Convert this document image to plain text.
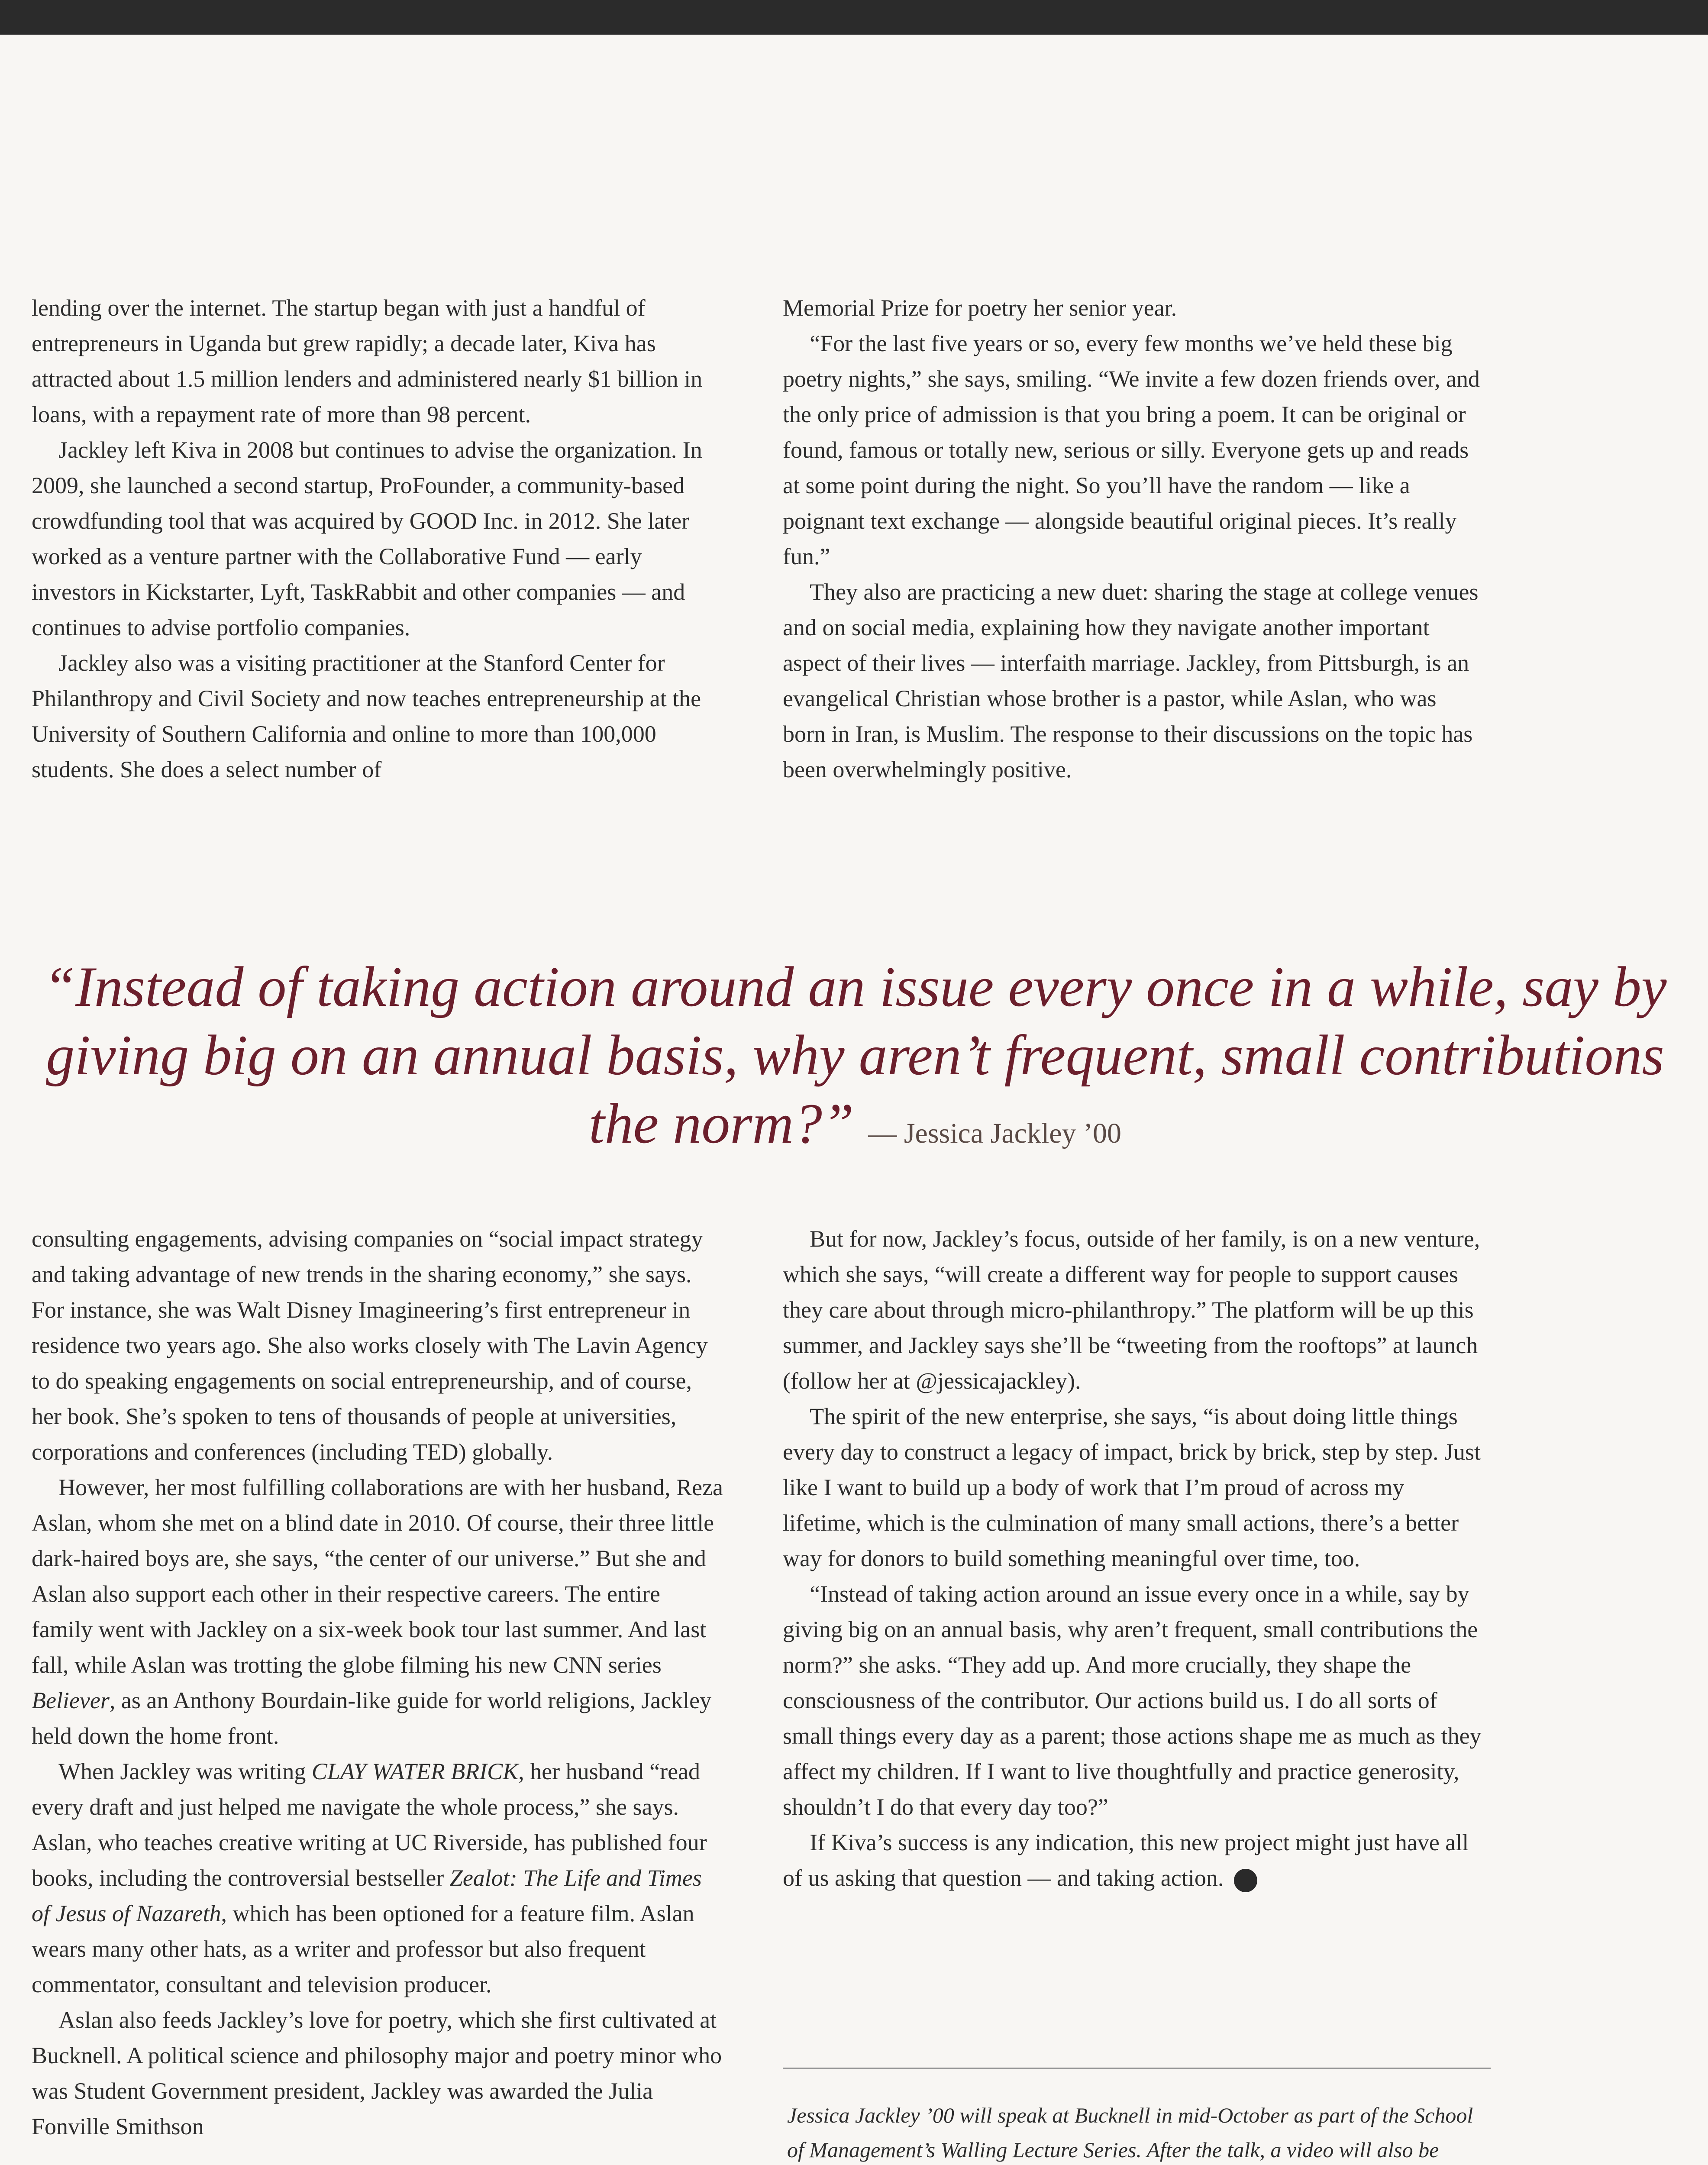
lending over the internet. The startup began with just a handful of entrepreneurs in Uganda but grew rapidly; a decade later, Kiva has attracted about 1.5 million lenders and administered nearly $1 billion in loans, with a repayment rate of more than 98 percent.

Jackley left Kiva in 2008 but continues to advise the organization. In 2009, she launched a second startup, ProFounder, a community-based crowdfunding tool that was acquired by GOOD Inc. in 2012. She later worked as a venture partner with the Collaborative Fund — early investors in Kickstarter, Lyft, TaskRabbit and other companies — and continues to advise portfolio companies.

Jackley also was a visiting practitioner at the Stanford Center for Philanthropy and Civil Society and now teaches entrepreneurship at the University of Southern California and online to more than 100,000 students. She does a select number of

Memorial Prize for poetry her senior year.

“For the last five years or so, every few months we’ve held these big poetry nights,” she says, smiling. “We invite a few dozen friends over, and the only price of admission is that you bring a poem. It can be original or found, famous or totally new, serious or silly. Everyone gets up and reads at some point during the night. So you’ll have the random — like a poignant text exchange — alongside beautiful original pieces. It’s really fun.”

They also are practicing a new duet: sharing the stage at college venues and on social media, explaining how they navigate another important aspect of their lives — interfaith marriage. Jackley, from Pittsburgh, is an evangelical Christian whose brother is a pastor, while Aslan, who was born in Iran, is Muslim. The response to their discussions on the topic has been overwhelmingly positive.

“Instead of taking action around an issue every once in a while, say by giving big on an annual basis, why aren’t frequent, small contributions the norm?” — Jessica Jackley ’00

consulting engagements, advising companies on “social impact strategy and taking advantage of new trends in the sharing economy,” she says. For instance, she was Walt Disney Imagineering’s first entrepreneur in residence two years ago. She also works closely with The Lavin Agency to do speaking engagements on social entrepreneurship, and of course, her book. She’s spoken to tens of thousands of people at universities, corporations and conferences (including TED) globally.

However, her most fulfilling collaborations are with her husband, Reza Aslan, whom she met on a blind date in 2010. Of course, their three little dark-haired boys are, she says, “the center of our universe.” But she and Aslan also support each other in their respective careers. The entire family went with Jackley on a six-week book tour last summer. And last fall, while Aslan was trotting the globe filming his new CNN series Believer, as an Anthony Bourdain-like guide for world religions, Jackley held down the home front.

When Jackley was writing CLAY WATER BRICK, her husband “read every draft and just helped me navigate the whole process,” she says. Aslan, who teaches creative writing at UC Riverside, has published four books, including the controversial bestseller Zealot: The Life and Times of Jesus of Nazareth, which has been optioned for a feature film. Aslan wears many other hats, as a writer and professor but also frequent commentator, consultant and television producer.

Aslan also feeds Jackley’s love for poetry, which she first cultivated at Bucknell. A political science and philosophy major and poetry minor who was Student Government president, Jackley was awarded the Julia Fonville Smithson

But for now, Jackley’s focus, outside of her family, is on a new venture, which she says, “will create a different way for people to support causes they care about through micro-philanthropy.” The platform will be up this summer, and Jackley says she’ll be “tweeting from the rooftops” at launch (follow her at @jessicajackley).

The spirit of the new enterprise, she says, “is about doing little things every day to construct a legacy of impact, brick by brick, step by step. Just like I want to build up a body of work that I’m proud of across my lifetime, which is the culmination of many small actions, there’s a better way for donors to build something meaningful over time, too.

“Instead of taking action around an issue every once in a while, say by giving big on an annual basis, why aren’t frequent, small contributions the norm?” she asks. “They add up. And more crucially, they shape the consciousness of the contributor. Our actions build us. I do all sorts of small things every day as a parent; those actions shape me as much as they affect my children. If I want to live thoughtfully and practice generosity, shouldn’t I do that every day too?”

If Kiva’s success is any indication, this new project might just have all of us asking that question — and taking action.	B

Jessica Jackley ’00 will speak at Bucknell in mid-October as part of the School of Management’s Walling Lecture Series. After the talk, a video will also be
